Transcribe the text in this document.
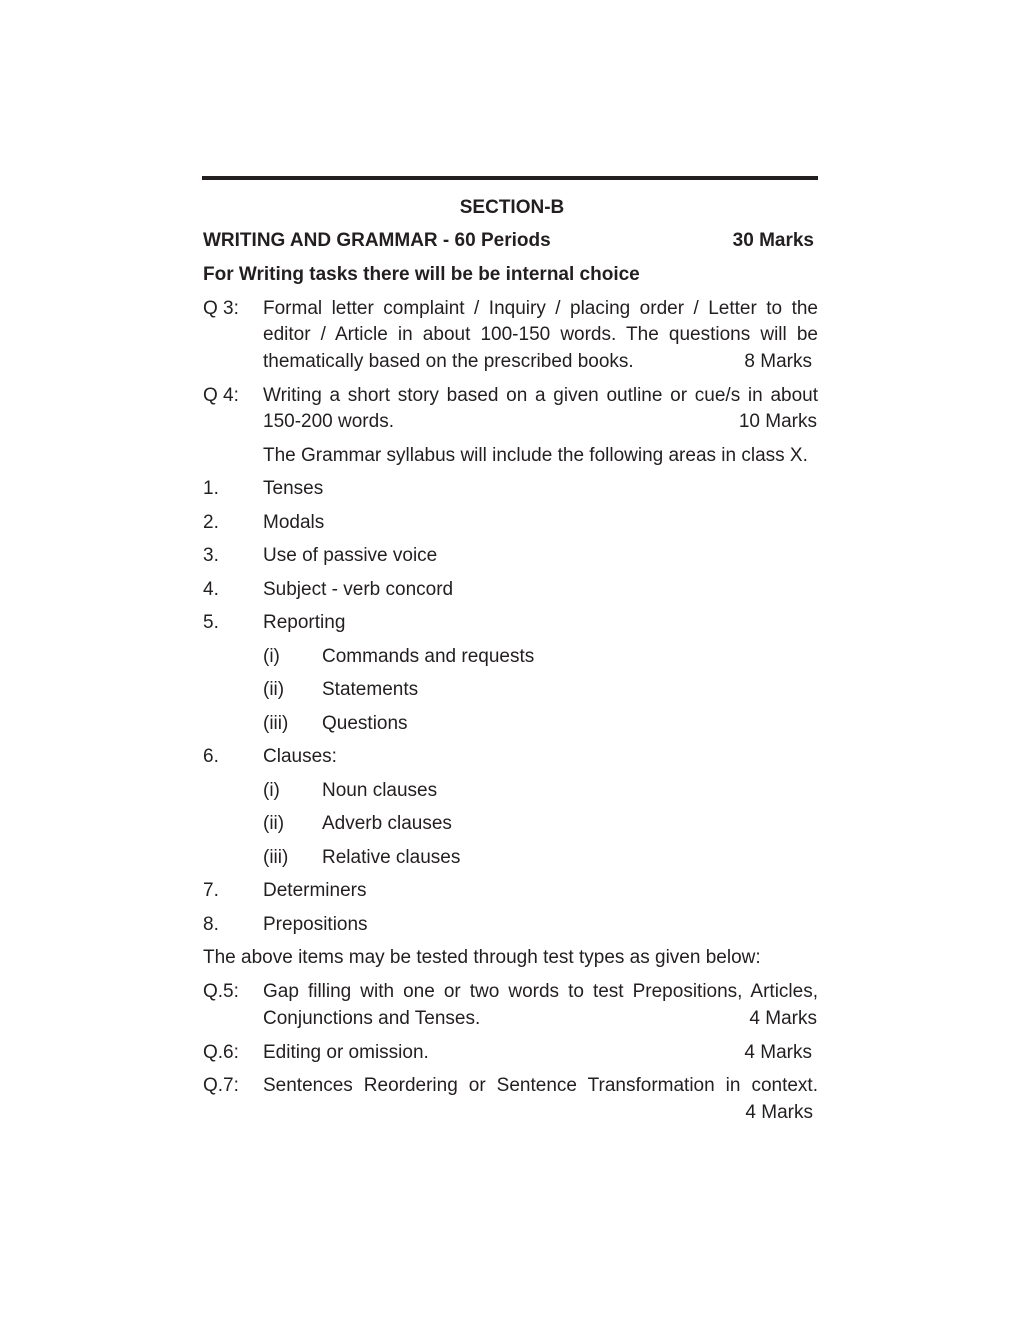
SECTION-B
WRITING AND GRAMMAR - 60 Periods	30 Marks
For Writing tasks there will be be internal choice
Q 3: Formal letter complaint / Inquiry / placing order / Letter to the
editor / Article in about 100-150 words. The questions will be
thematically based on the prescribed books.	8 Marks
Q 4: Writing a short story based on a given outline or cue/s in about
150-200 words.	10 Marks
The Grammar syllabus will include the following areas in class X.
1. Tenses
2. Modals
3. Use of passive voice
4. Subject - verb concord
5. Reporting
(i) Commands and requests
(ii) Statements
(iii) Questions
6. Clauses:
(i) Noun clauses
(ii) Adverb clauses
(iii) Relative clauses
7. Determiners
8. Prepositions
The above items may be tested through test types as given below:
Q.5: Gap filling with one or two words to test Prepositions, Articles,
Conjunctions and Tenses.	4 Marks
Q.6: Editing or omission.	4 Marks
Q.7: Sentences Reordering or Sentence Transformation in context.
4 Marks
